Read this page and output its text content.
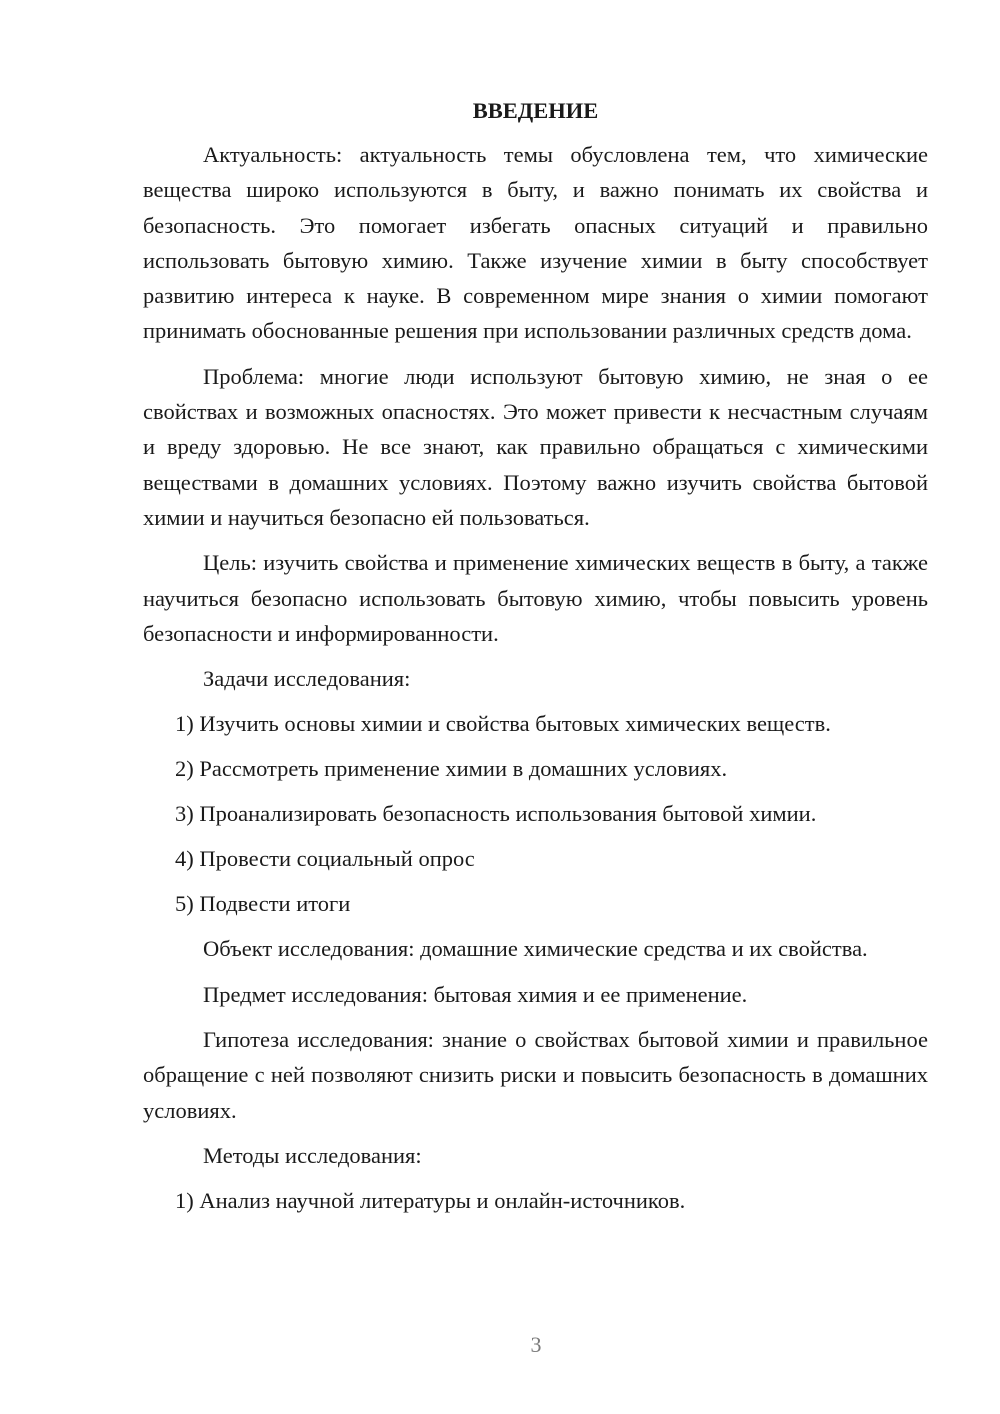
ВВЕДЕНИЕ
Актуальность: актуальность темы обусловлена тем, что химические вещества широко используются в быту, и важно понимать их свойства и безопасность. Это помогает избегать опасных ситуаций и правильно использовать бытовую химию. Также изучение химии в быту способствует развитию интереса к науке. В современном мире знания о химии помогают принимать обоснованные решения при использовании различных средств дома.
Проблема: многие люди используют бытовую химию, не зная о ее свойствах и возможных опасностях. Это может привести к несчастным случаям и вреду здоровью. Не все знают, как правильно обращаться с химическими веществами в домашних условиях. Поэтому важно изучить свойства бытовой химии и научиться безопасно ей пользоваться.
Цель: изучить свойства и применение химических веществ в быту, а также научиться безопасно использовать бытовую химию, чтобы повысить уровень безопасности и информированности.
Задачи исследования:
1) Изучить основы химии и свойства бытовых химических веществ.
2) Рассмотреть применение химии в домашних условиях.
3) Проанализировать безопасность использования бытовой химии.
4) Провести социальный опрос
5) Подвести итоги
Объект исследования: домашние химические средства и их свойства.
Предмет исследования: бытовая химия и ее применение.
Гипотеза исследования: знание о свойствах бытовой химии и правильное обращение с ней позволяют снизить риски и повысить безопасность в домашних условиях.
Методы исследования:
1) Анализ научной литературы и онлайн-источников.
3
